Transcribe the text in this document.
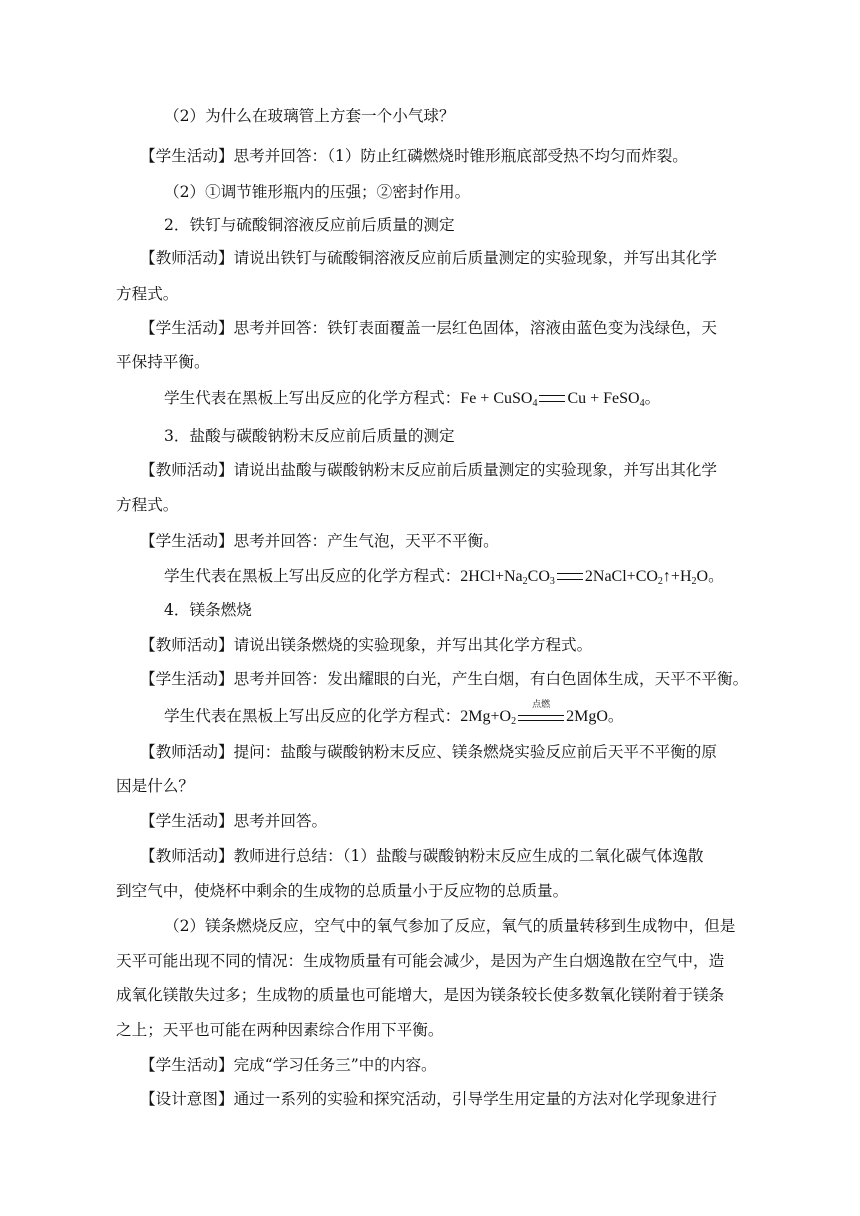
（2）为什么在玻璃管上方套一个小气球？
【学生活动】思考并回答：（1）防止红磷燃烧时锥形瓶底部受热不均匀而炸裂。
（2）①调节锥形瓶内的压强；②密封作用。
2．铁钉与硫酸铜溶液反应前后质量的测定
【教师活动】请说出铁钉与硫酸铜溶液反应前后质量测定的实验现象，并写出其化学
方程式。
【学生活动】思考并回答：铁钉表面覆盖一层红色固体，溶液由蓝色变为浅绿色，天
平保持平衡。
学生代表在黑板上写出反应的化学方程式：Fe + CuSO$_4$ Cu + FeSO$_4$。
3．盐酸与碳酸钠粉末反应前后质量的测定
【教师活动】请说出盐酸与碳酸钠粉末反应前后质量测定的实验现象，并写出其化学
方程式。
【学生活动】思考并回答：产生气泡，天平不平衡。
学生代表在黑板上写出反应的化学方程式：$2HCl+Na_2CO_3$ $2NaCl+CO_2↑+H_2O$。
4．镁条燃烧
【教师活动】请说出镁条燃烧的实验现象，并写出其化学方程式。
【学生活动】思考并回答：发出耀眼的白光，产生白烟，有白色固体生成，天平不平衡。
学生代表在黑板上写出反应的化学方程式：$2Mg+O_2$
点燃
2MgO。
【教师活动】提问：盐酸与碳酸钠粉末反应、镁条燃烧实验反应前后天平不平衡的原
因是什么？
【学生活动】思考并回答。
【教师活动】教师进行总结：（1）盐酸与碳酸钠粉末反应生成的二氧化碳气体逸散
到空气中，使烧杯中剩余的生成物的总质量小于反应物的总质量。
（2）镁条燃烧反应，空气中的氧气参加了反应，氧气的质量转移到生成物中，但是
天平可能出现不同的情况：生成物质量有可能会减少，是因为产生白烟逸散在空气中，造
成氧化镁散失过多；生成物的质量也可能增大，是因为镁条较长使多数氧化镁附着于镁条
之上；天平也可能在两种因素综合作用下平衡。
【学生活动】完成“学习任务三”中的内容。
【设计意图】通过一系列的实验和探究活动，引导学生用定量的方法对化学现象进行
